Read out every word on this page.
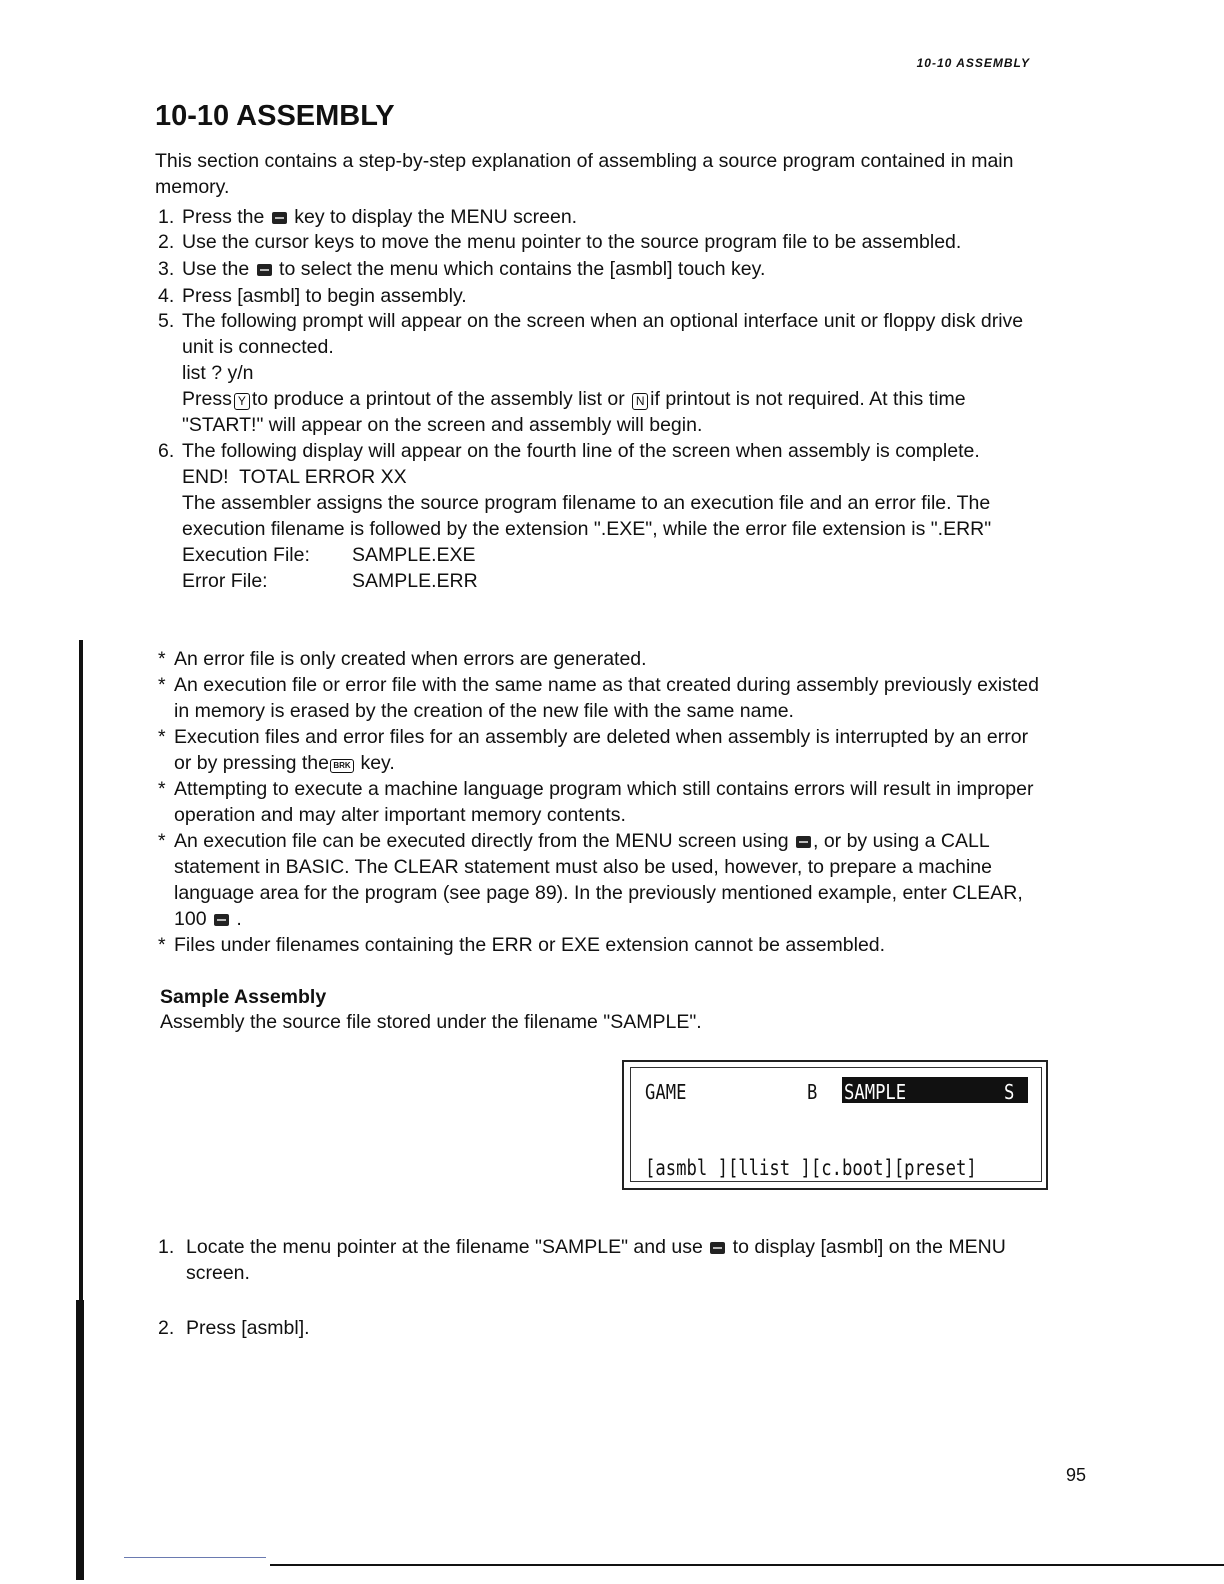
10-10 ASSEMBLY
10-10 ASSEMBLY
This section contains a step-by-step explanation of assembling a source program contained in main memory.
1. Press the key to display the MENU screen.
2. Use the cursor keys to move the menu pointer to the source program file to be assembled.
3. Use the to select the menu which contains the [asmbl] touch key.
4. Press [asmbl] to begin assembly.
5. The following prompt will appear on the screen when an optional interface unit or floppy disk drive unit is connected.
list ? y/n
Press Y to produce a printout of the assembly list or N if printout is not required. At this time "START!" will appear on the screen and assembly will begin.
6. The following display will appear on the fourth line of the screen when assembly is complete.
END!  TOTAL ERROR XX
The assembler assigns the source program filename to an execution file and an error file. The execution filename is followed by the extension ".EXE", while the error file extension is ".ERR"
Execution File: SAMPLE.EXE
Error File:	SAMPLE.ERR
* An error file is only created when errors are generated.
* An execution file or error file with the same name as that created during assembly previously existed in memory is erased by the creation of the new file with the same name.
* Execution files and error files for an assembly are deleted when assembly is interrupted by an error or by pressing the BRK key.
* Attempting to execute a machine language program which still contains errors will result in improper operation and may alter important memory contents.
* An execution file can be executed directly from the MENU screen using , or by using a CALL statement in BASIC. The CLEAR statement must also be used, however, to prepare a machine language area for the program (see page 89). In the previously mentioned example, enter CLEAR, 100 .
* Files under filenames containing the ERR or EXE extension cannot be assembled.
Sample Assembly
Assembly the source file stored under the filename "SAMPLE".
GAME	B SAMPLE	S
[asmbl ][llist ][c.boot][preset]
1. Locate the menu pointer at the filename "SAMPLE" and use to display [asmbl] on the MENU screen.
2. Press [asmbl].
95
